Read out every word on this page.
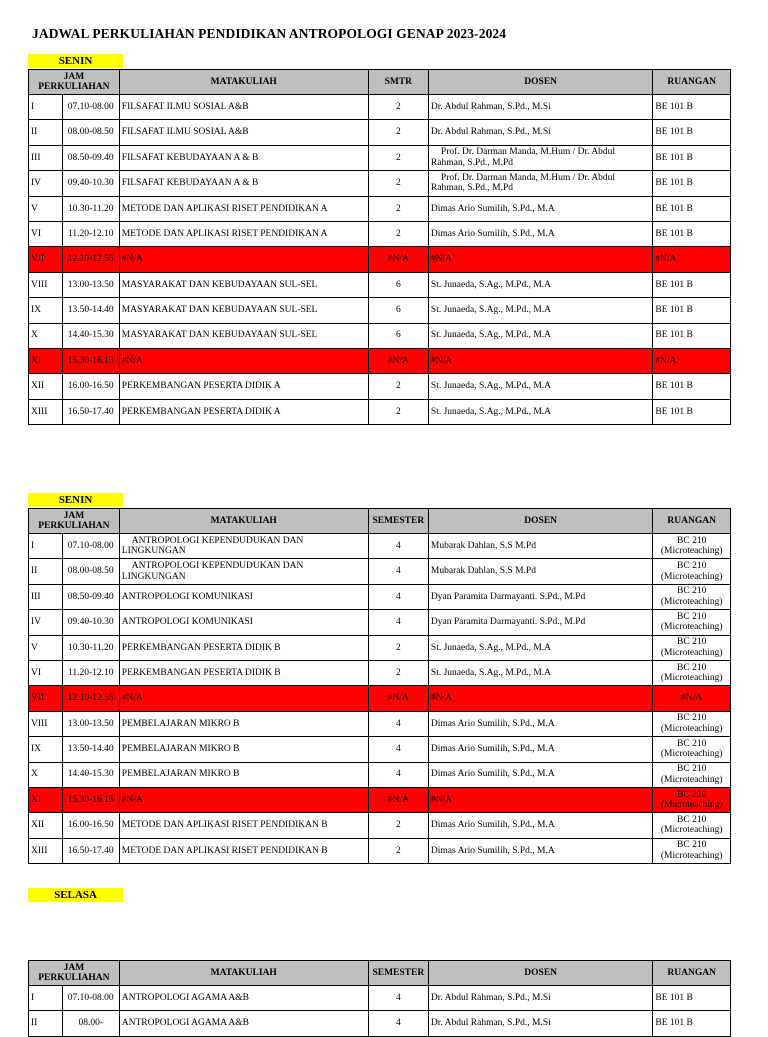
JADWAL PERKULIAHAN PENDIDIKAN ANTROPOLOGI GENAP 2023-2024
SENIN
JAM PERKULIAHAN		MATAKULIAH	SMTR	DOSEN	RUANGAN
I	07.10-08.00	FILSAFAT ILMU SOSIAL A&B	2	Dr. Abdul Rahman, S.Pd., M.Si	BE 101 B
II	08.00-08.50	FILSAFAT ILMU SOSIAL A&B	2	Dr. Abdul Rahman, S.Pd., M.Si	BE 101 B
III	08.50-09.40	FILSAFAT KEBUDAYAAN A & B	2	Prof. Dr. Darman Manda, M.Hum / Dr. Abdul Rahman, S.Pd., M.Pd	BE 101 B
IV	09.40-10.30	FILSAFAT KEBUDAYAAN A & B	2	Prof. Dr. Darman Manda, M.Hum / Dr. Abdul Rahman, S.Pd., M.Pd	BE 101 B
V	10.30-11.20	METODE DAN APLIKASI RISET PENDIDIKAN A	2	Dimas Ario Sumilih, S.Pd., M.A	BE 101 B
VI	11.20-12.10	METODE DAN APLIKASI RISET PENDIDIKAN A	2	Dimas Ario Sumilih, S.Pd., M.A	BE 101 B
VII	12.10-12.55	#N/A	#N/A	#N/A	#N/A
VIII	13.00-13.50	MASYARAKAT DAN KEBUDAYAAN SUL-SEL	6	St. Junaeda, S.Ag., M.Pd., M.A	BE 101 B
IX	13.50-14.40	MASYARAKAT DAN KEBUDAYAAN SUL-SEL	6	St. Junaeda, S.Ag., M.Pd., M.A	BE 101 B
X	14.40-15.30	MASYARAKAT DAN KEBUDAYAAN SUL-SEL	6	St. Junaeda, S.Ag., M.Pd., M.A	BE 101 B
XI	15.30-16.15	#N/A	#N/A	#N/A	#N/A
XII	16.00-16.50	PERKEMBANGAN PESERTA DIDIK A	2	St. Junaeda, S.Ag., M.Pd., M.A	BE 101 B
XIII	16.50-17.40	PERKEMBANGAN PESERTA DIDIK A	2	St. Junaeda, S.Ag., M.Pd., M.A	BE 101 B
SENIN
JAM PERKULIAHAN		MATAKULIAH	SEMESTER	DOSEN	RUANGAN
I	07.10-08.00	ANTROPOLOGI KEPENDUDUKAN DAN LINGKUNGAN	4	Mubarak Dahlan, S.S M.Pd	BC 210 (Microteaching)
II	08.00-08.50	ANTROPOLOGI KEPENDUDUKAN DAN LINGKUNGAN	4	Mubarak Dahlan, S.S M.Pd	BC 210 (Microteaching)
III	08.50-09.40	ANTROPOLOGI KOMUNIKASI	4	Dyan Paramita Darmayanti. S.Pd., M.Pd	BC 210 (Microteaching)
IV	09.40-10.30	ANTROPOLOGI KOMUNIKASI	4	Dyan Paramita Darmayanti. S.Pd., M.Pd	BC 210 (Microteaching)
V	10.30-11.20	PERKEMBANGAN PESERTA DIDIK B	2	St. Junaeda, S.Ag., M.Pd., M.A	BC 210 (Microteaching)
VI	11.20-12.10	PERKEMBANGAN PESERTA DIDIK B	2	St. Junaeda, S.Ag., M.Pd., M.A	BC 210 (Microteaching)
VII	12.10-12.55	#N/A	#N/A	#N/A	#N/A
VIII	13.00-13.50	PEMBELAJARAN MIKRO B	4	Dimas Ario Sumilih, S.Pd., M.A	BC 210 (Microteaching)
IX	13.50-14.40	PEMBELAJARAN MIKRO B	4	Dimas Ario Sumilih, S.Pd., M.A	BC 210 (Microteaching)
X	14.40-15.30	PEMBELAJARAN MIKRO B	4	Dimas Ario Sumilih, S.Pd., M.A	BC 210 (Microteaching)
XI	15.30-16.15	#N/A	#N/A	#N/A	BC 210 (Microteaching)
XII	16.00-16.50	METODE DAN APLIKASI RISET PENDIDIKAN B	2	Dimas Ario Sumilih, S.Pd., M.A	BC 210 (Microteaching)
XIII	16.50-17.40	METODE DAN APLIKASI RISET PENDIDIKAN B	2	Dimas Ario Sumilih, S.Pd., M.A	BC 210 (Microteaching)
SELASA
JAM PERKULIAHAN		MATAKULIAH	SEMESTER	DOSEN	RUANGAN
I	07.10-08.00	ANTROPOLOGI AGAMA A&B	4	Dr. Abdul Rahman, S.Pd., M.Si	BE 101 B
II	08.00-	ANTROPOLOGI AGAMA A&B	4	Dr. Abdul Rahman, S.Pd., M.Si	BE 101 B
